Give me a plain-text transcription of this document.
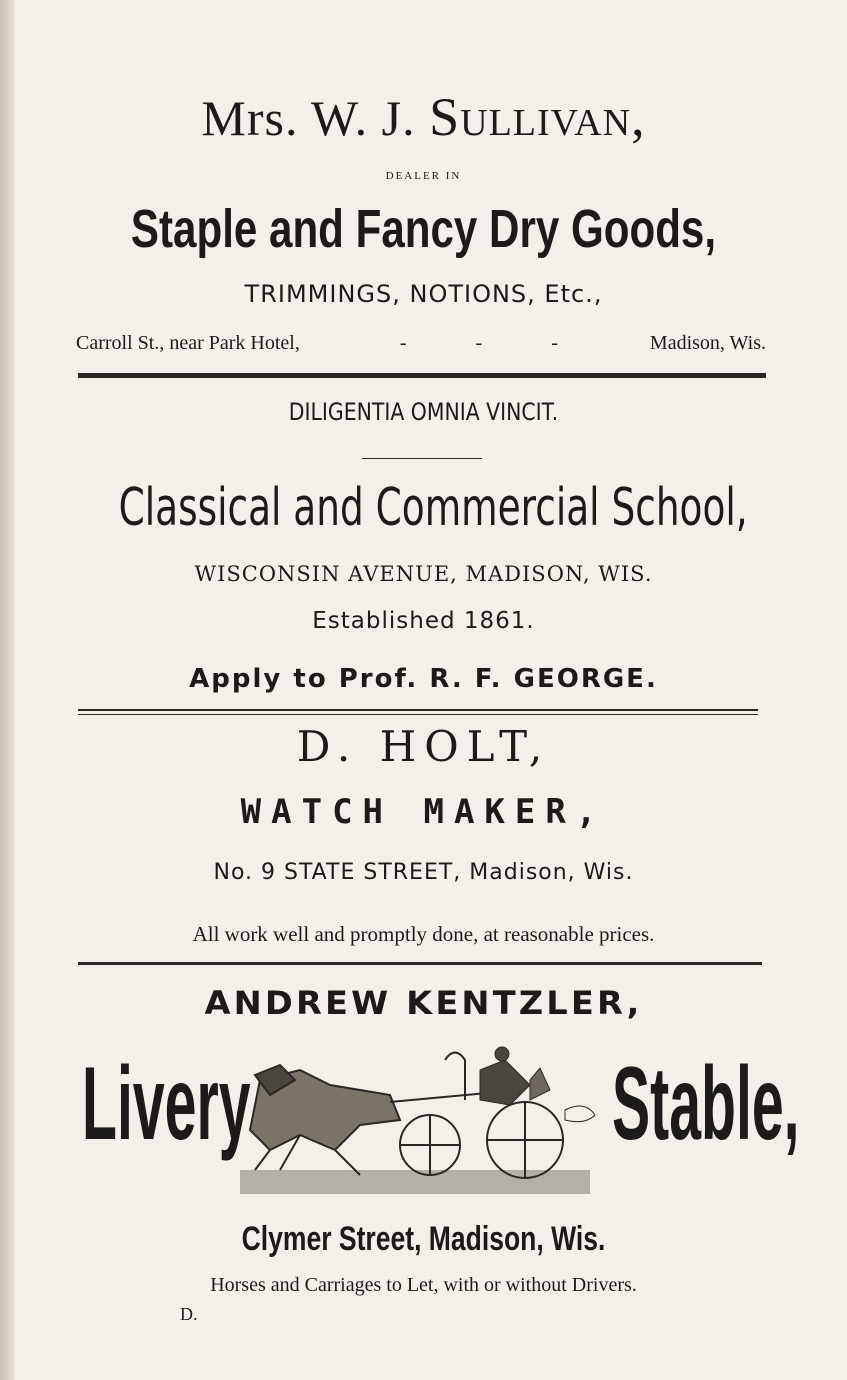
Mrs. W. J. Sullivan,
DEALER IN
Staple and Fancy Dry Goods,
TRIMMINGS, NOTIONS, Etc.,
Carroll St., near Park Hotel,	- - -	Madison, Wis.
DILIGENTIA OMNIA VINCIT.
Classical and Commercial School,
WISCONSIN AVENUE, MADISON, WIS.
Established 1861.
Apply to Prof. R. F. GEORGE.
D. HOLT,
WATCH MAKER,
No. 9 STATE STREET, Madison, Wis.
All work well and promptly done, at reasonable prices.
ANDREW KENTZLER,
Livery	Stable,
Clymer Street, Madison, Wis.
Horses and Carriages to Let, with or without Drivers.
D.
